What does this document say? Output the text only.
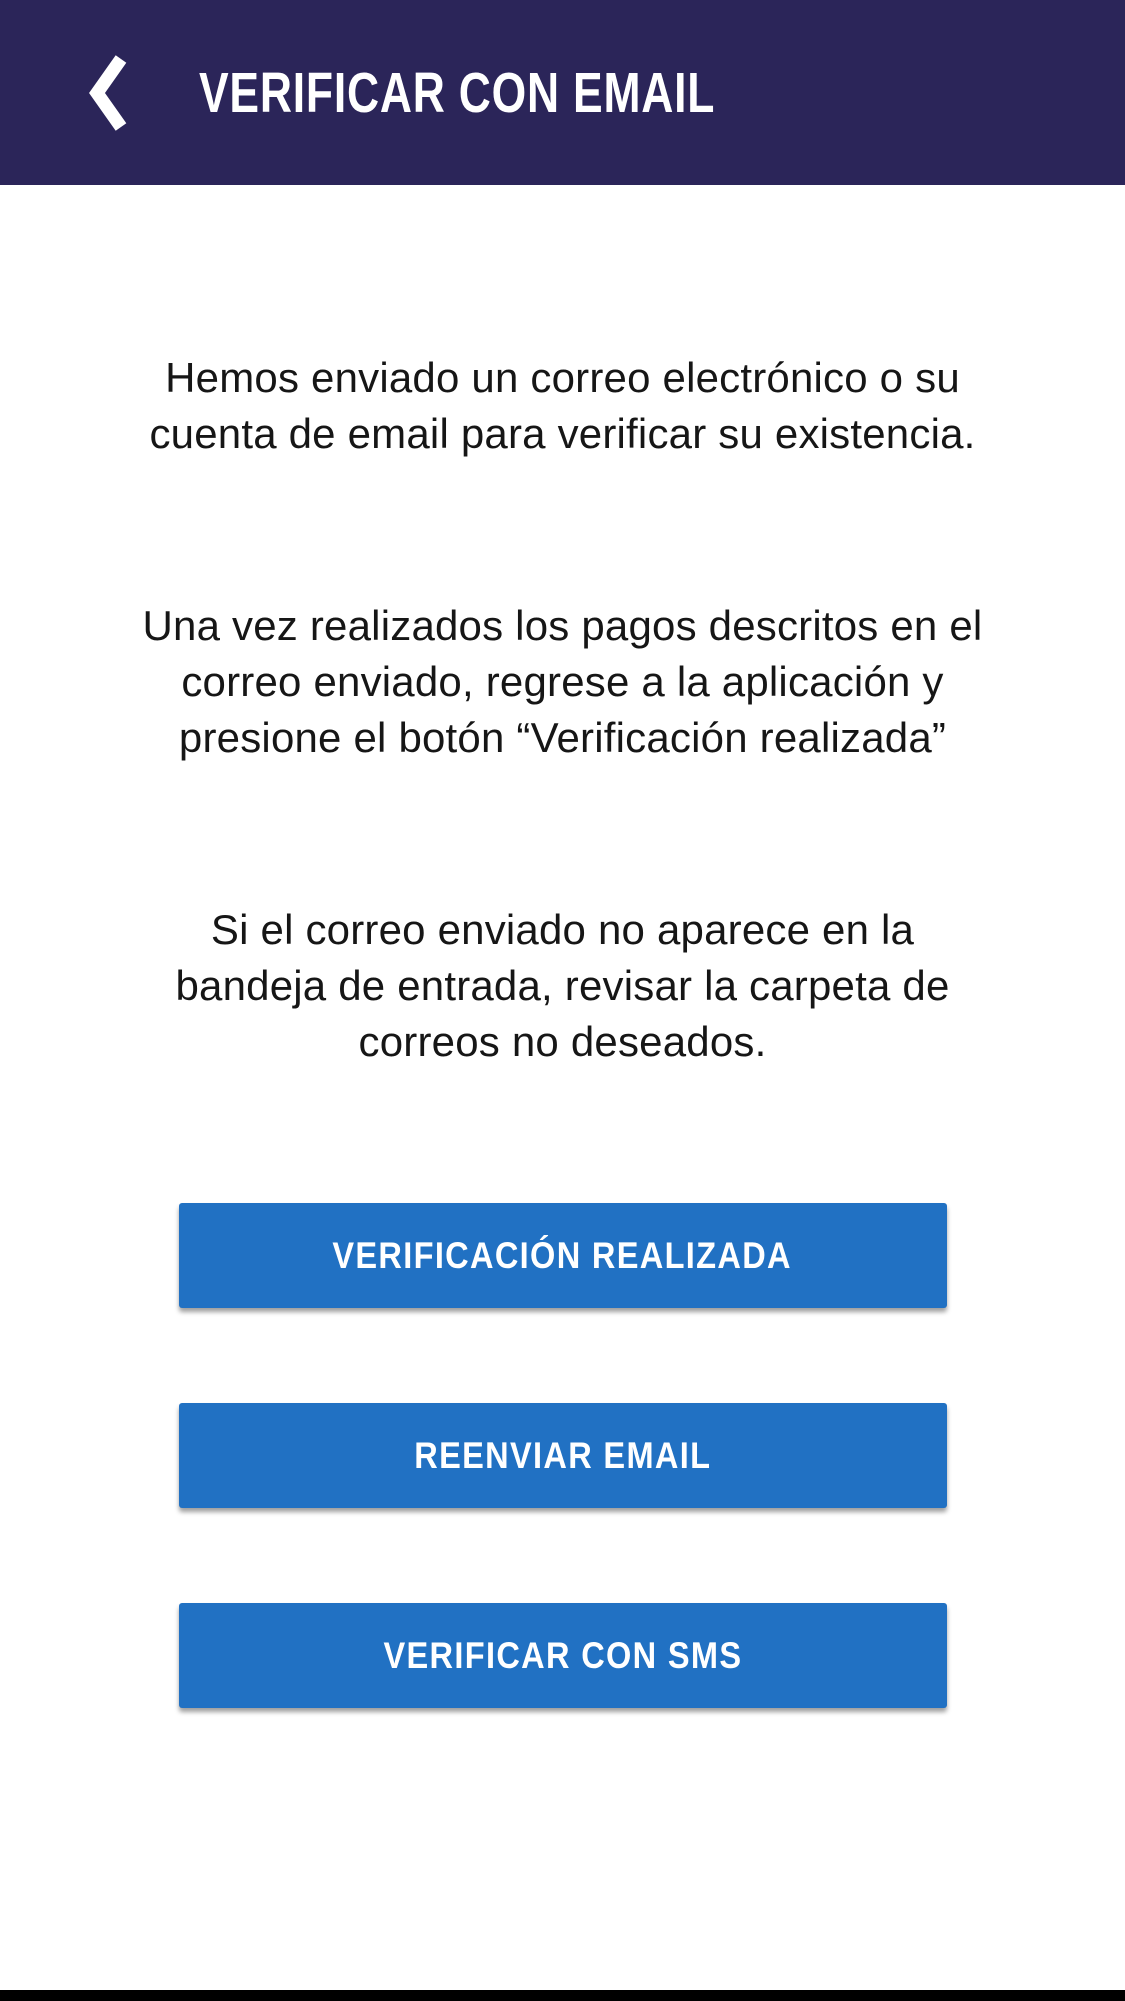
VERIFICAR CON EMAIL

Hemos enviado un correo electrónico o su
cuenta de email para verificar su existencia.

Una vez realizados los pagos descritos en el
correo enviado, regrese a la aplicación y
presione el botón “Verificación realizada”

Si el correo enviado no aparece en la
bandeja de entrada, revisar la carpeta de
correos no deseados.

VERIFICACIÓN REALIZADA
REENVIAR EMAIL
VERIFICAR CON SMS
